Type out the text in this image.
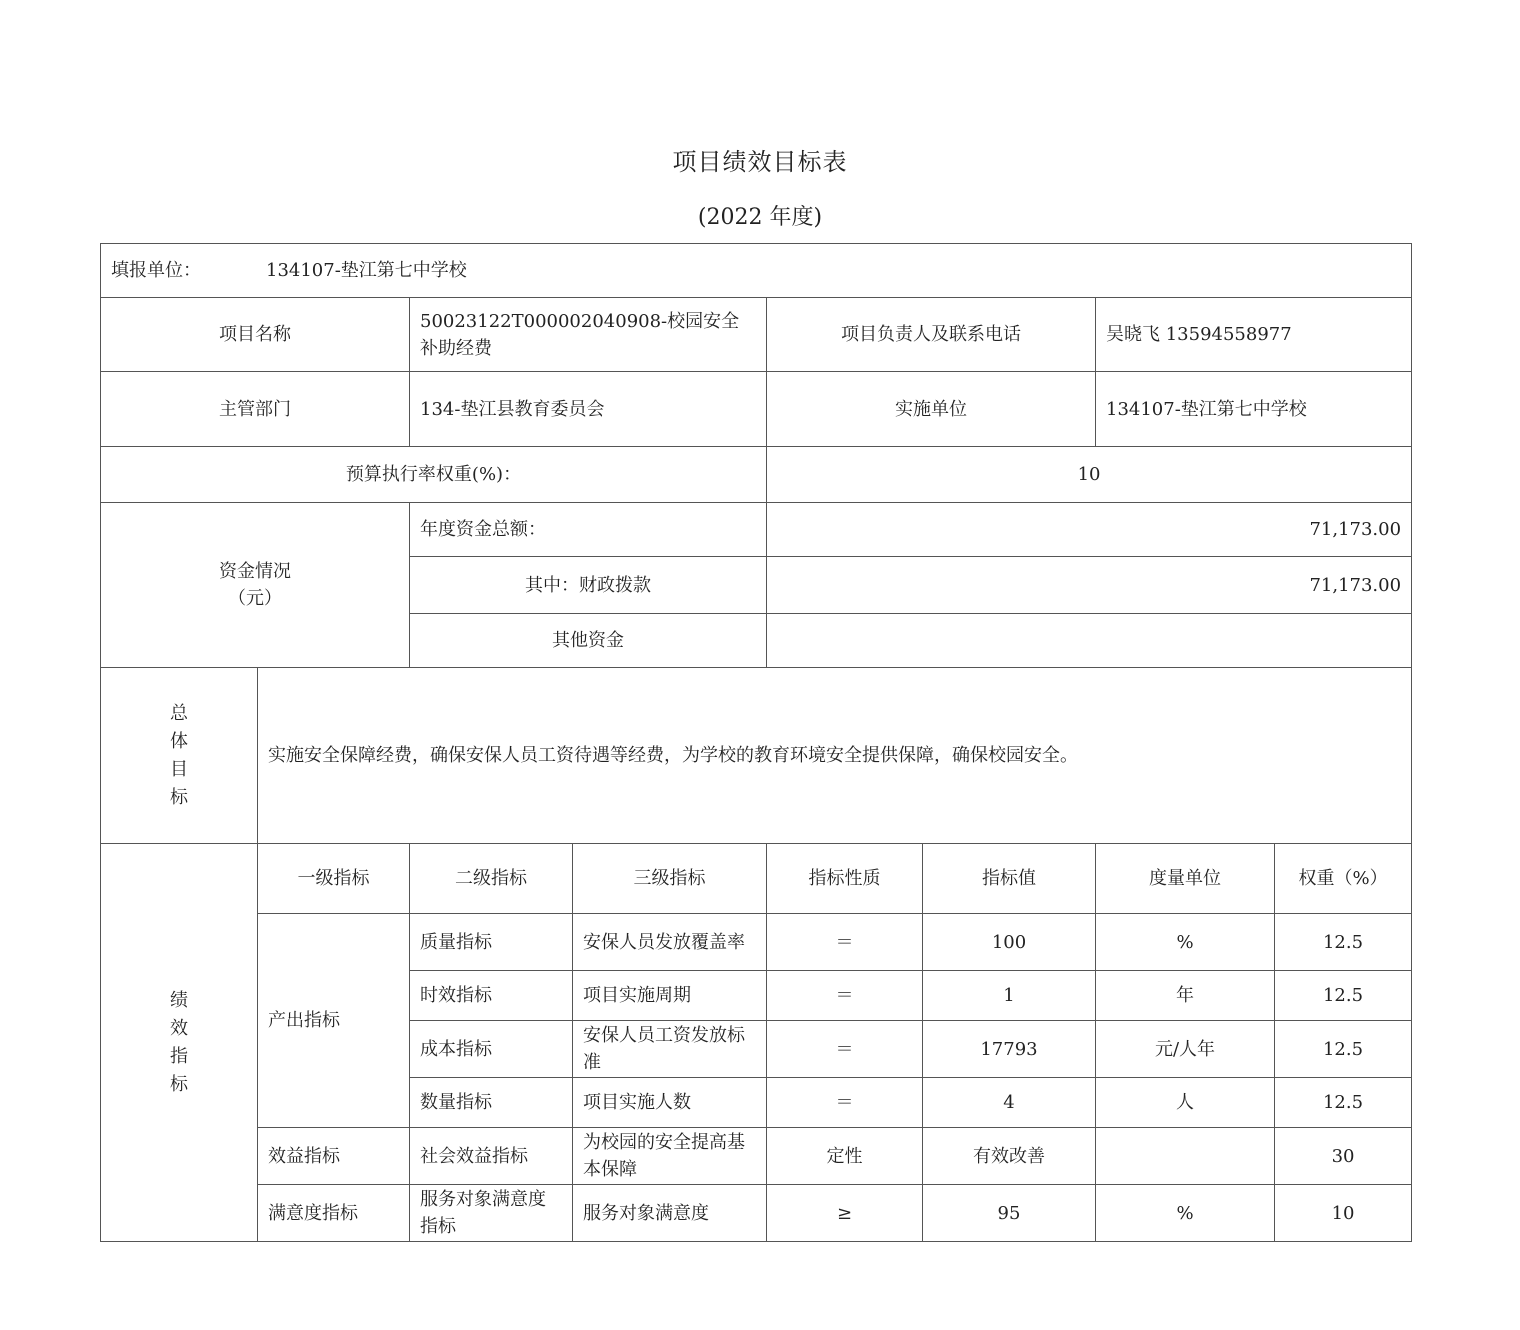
项目绩效目标表
(2022 年度)
填报单位： 134107-垫江第七中学校							
项目名称		50023122T000002040908-校园安全补助经费		项目负责人及联系电话		吴晓飞 13594558977	
主管部门		134-垫江县教育委员会		实施单位		134107-垫江第七中学校	
预算执行率权重(%)：				10			

资金情况
（元）		年度资金总额：		71,173.00			
		其中：财政拨款		71,173.00			
		其他资金					
总
体
目
标	实施安全保障经费，确保安保人员工资待遇等经费，为学校的教育环境安全提供保障，确保校园安全。						
绩
效
指
标	一级指标	二级指标	三级指标	指标性质	指标值	度量单位	权重（%）
	产出指标	质量指标	安保人员发放覆盖率	＝	100	%	12.5
		时效指标	项目实施周期	＝	1	年	12.5
		成本指标	安保人员工资发放标准	＝	17793	元/人年	12.5
		数量指标	项目实施人数	＝	4	人	12.5
	效益指标	社会效益指标	为校园的安全提高基本保障	定性	有效改善		30
	满意度指标	服务对象满意度指标	服务对象满意度	≥	95	%	10
